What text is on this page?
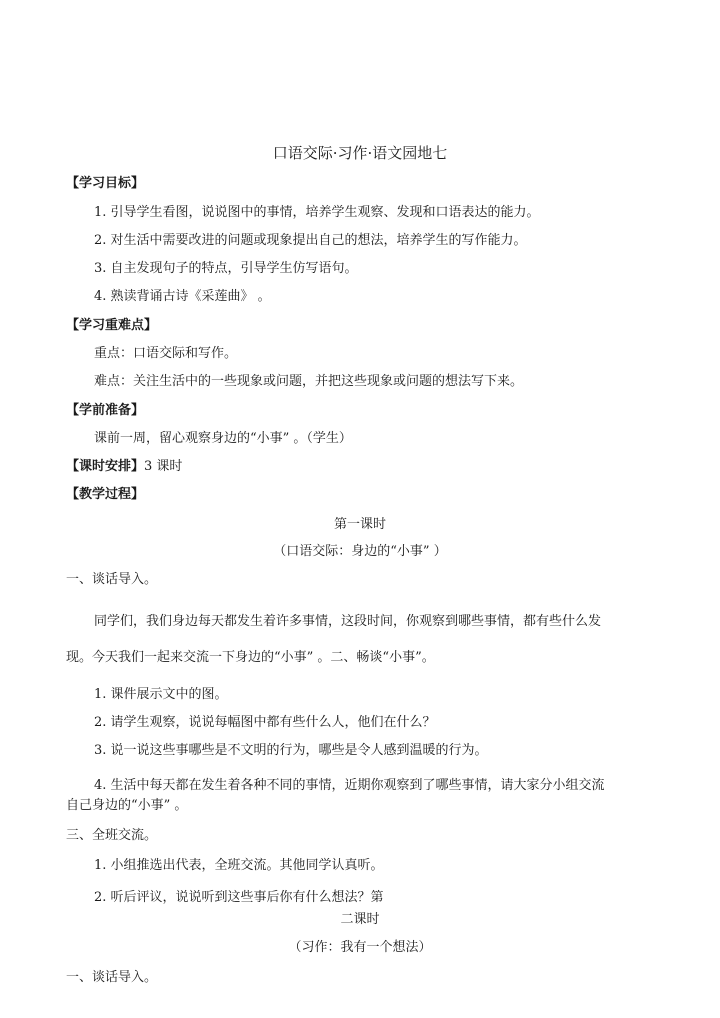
口语交际·习作·语文园地七
【学习目标】
1. 引导学生看图，说说图中的事情，培养学生观察、发现和口语表达的能力。
2. 对生活中需要改进的问题或现象提出自己的想法，培养学生的写作能力。
3. 自主发现句子的特点，引导学生仿写语句。
4. 熟读背诵古诗《采莲曲》 。
【学习重难点】
重点：口语交际和写作。
难点：关注生活中的一些现象或问题，并把这些现象或问题的想法写下来。
【学前准备】
课前一周，留心观察身边的“小事” 。（学生）
【课时安排】3 课时
【教学过程】
第一课时
（口语交际：身边的“小事” ）
一、谈话导入。
同学们，我们身边每天都发生着许多事情，这段时间，你观察到哪些事情，都有些什么发
现。今天我们一起来交流一下身边的“小事” 。二、畅谈“小事”。
1. 课件展示文中的图。
2. 请学生观察，说说每幅图中都有些什么人，他们在什么？
3. 说一说这些事哪些是不文明的行为，哪些是令人感到温暖的行为。
4. 生活中每天都在发生着各种不同的事情，近期你观察到了哪些事情，请大家分小组交流
自己身边的“小事” 。
三、全班交流。
1. 小组推选出代表，全班交流。其他同学认真听。
2. 听后评议，说说听到这些事后你有什么想法？第
二课时
（习作：我有一个想法）
一、谈话导入。
